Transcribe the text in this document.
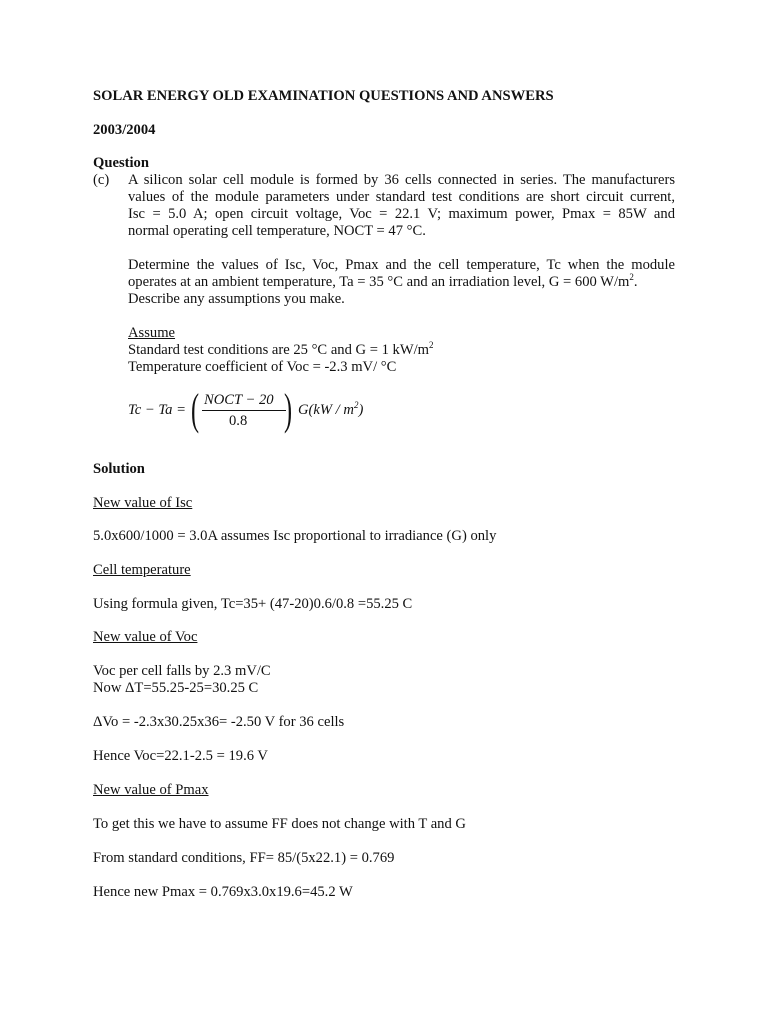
SOLAR ENERGY OLD EXAMINATION QUESTIONS AND ANSWERS
2003/2004
Question
(c) A silicon solar cell module is formed by 36 cells connected in series. The manufacturers
values of the module parameters under standard test conditions are short circuit current,
Isc = 5.0 A; open circuit voltage, Voc = 22.1 V; maximum power, Pmax = 85W and
normal operating cell temperature, NOCT = 47 °C.
Determine the values of Isc, Voc, Pmax and the cell temperature, Tc when the module
operates at an ambient temperature, Ta = 35 °C and an irradiation level, G = 600 $W/m^2$.
Describe any assumptions you make.
Assume
Standard test conditions are 25 °C and G = 1 $kW/m^2$
Temperature coefficient of Voc = -2.3 mV/ °C
Tc − Ta = ( NOCT − 20
0.8 ) $G(kW / m^2)$
Solution
New value of Isc
5.0x600/1000 = 3.0A assumes Isc proportional to irradiance (G) only
Cell temperature
Using formula given, Tc=35+ (47-20)0.6/0.8 =55.25 C
New value of Voc
Voc per cell falls by 2.3 mV/C
Now ΔT=55.25-25=30.25 C
ΔVo = -2.3x30.25x36= -2.50 V for 36 cells
Hence Voc=22.1-2.5 = 19.6 V
New value of Pmax
To get this we have to assume FF does not change with T and G
From standard conditions, FF= 85/(5x22.1) = 0.769
Hence new Pmax = 0.769x3.0x19.6=45.2 W
